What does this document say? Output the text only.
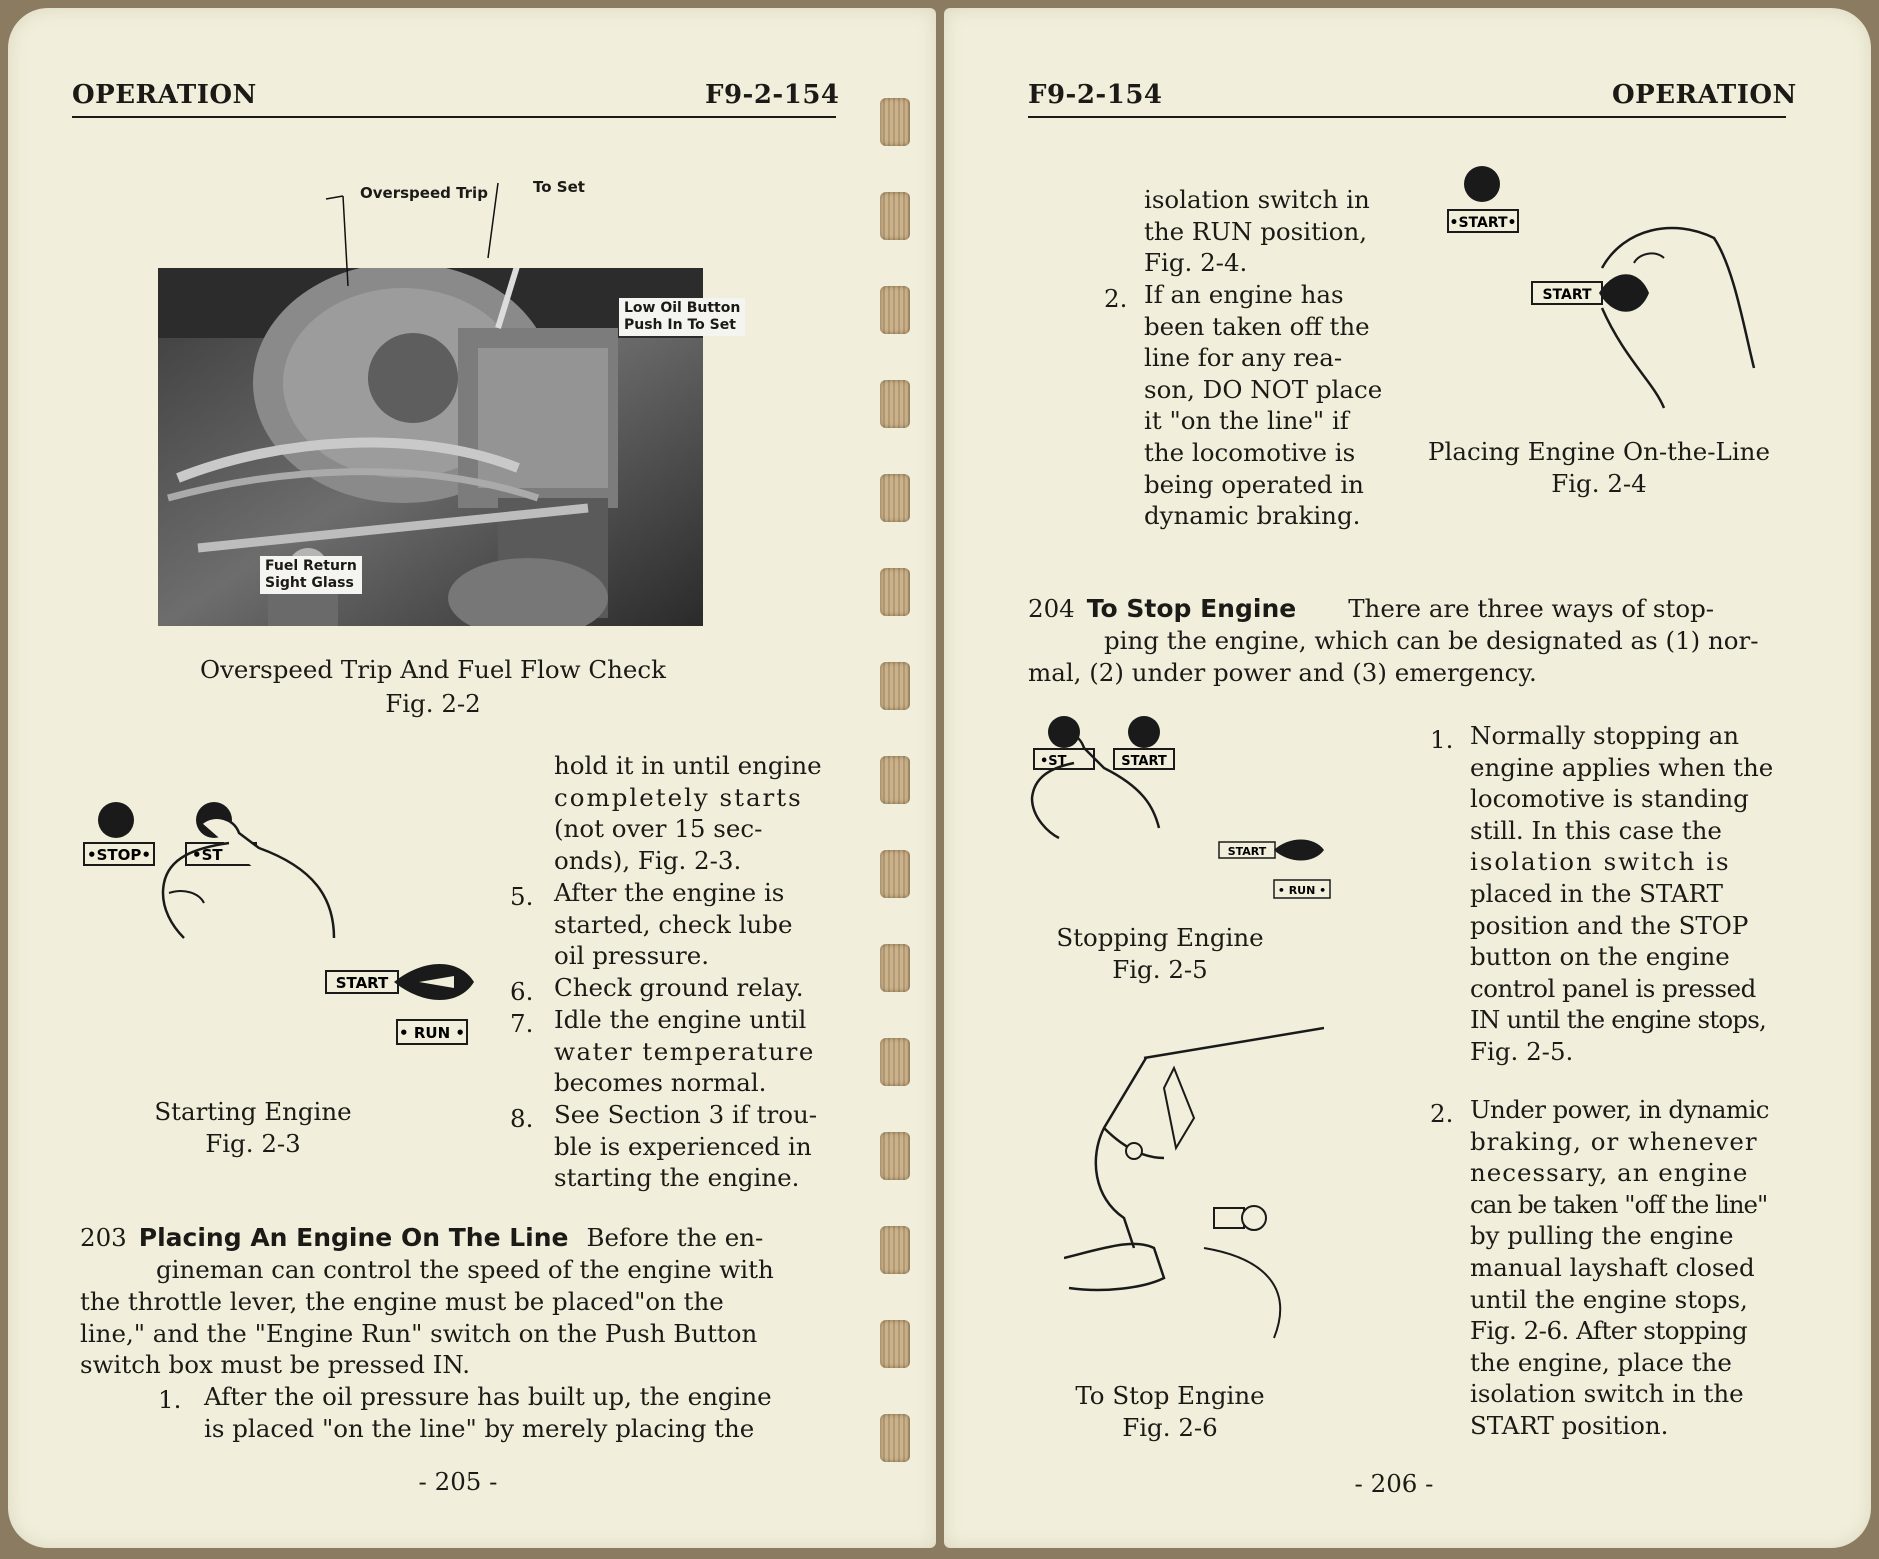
OPERATION	F9-2-154
Overspeed Trip	To Set
Low Oil Button
Push In To Set
Fuel Return
Sight Glass
Overspeed Trip And Fuel Flow Check
Fig. 2-2
•STOP•	•ST
START
• RUN •
Starting Engine
Fig. 2-3
hold it in until engine
completely starts
(not over 15 sec-
onds), Fig. 2-3.
5. After the engine is
started, check lube
oil pressure.
6. Check ground relay.
7. Idle the engine until
water temperature
becomes normal.
8. See Section 3 if trou-
ble is experienced in
starting the engine.
203 Placing An Engine On The Line Before the en-
gineman can control the speed of the engine with
the throttle lever, the engine must be placed"on the
line," and the "Engine Run" switch on the Push Button
switch box must be pressed IN.
1. After the oil pressure has built up, the engine
is placed "on the line" by merely placing the
- 205 -
F9-2-154	OPERATION
isolation switch in
the RUN position,
Fig. 2-4.
2. If an engine has
been taken off the
line for any rea-
son, DO NOT place
it "on the line" if
the locomotive is
being operated in
dynamic braking.
•START•
START
Placing Engine On-the-Line
Fig. 2-4
204 To Stop Engine There are three ways of stop-
ping the engine, which can be designated as (1) nor-
mal, (2) under power and (3) emergency.
•ST	START
START
• RUN •
Stopping Engine
Fig. 2-5
To Stop Engine
Fig. 2-6
1. Normally stopping an
engine applies when the
locomotive is standing
still. In this case the
isolation switch is
placed in the START
position and the STOP
button on the engine
control panel is pressed
IN until the engine stops,
Fig. 2-5.
2. Under power, in dynamic
braking, or whenever
necessary, an engine
can be taken "off the line"
by pulling the engine
manual layshaft closed
until the engine stops,
Fig. 2-6. After stopping
the engine, place the
isolation switch in the
START position.
- 206 -
